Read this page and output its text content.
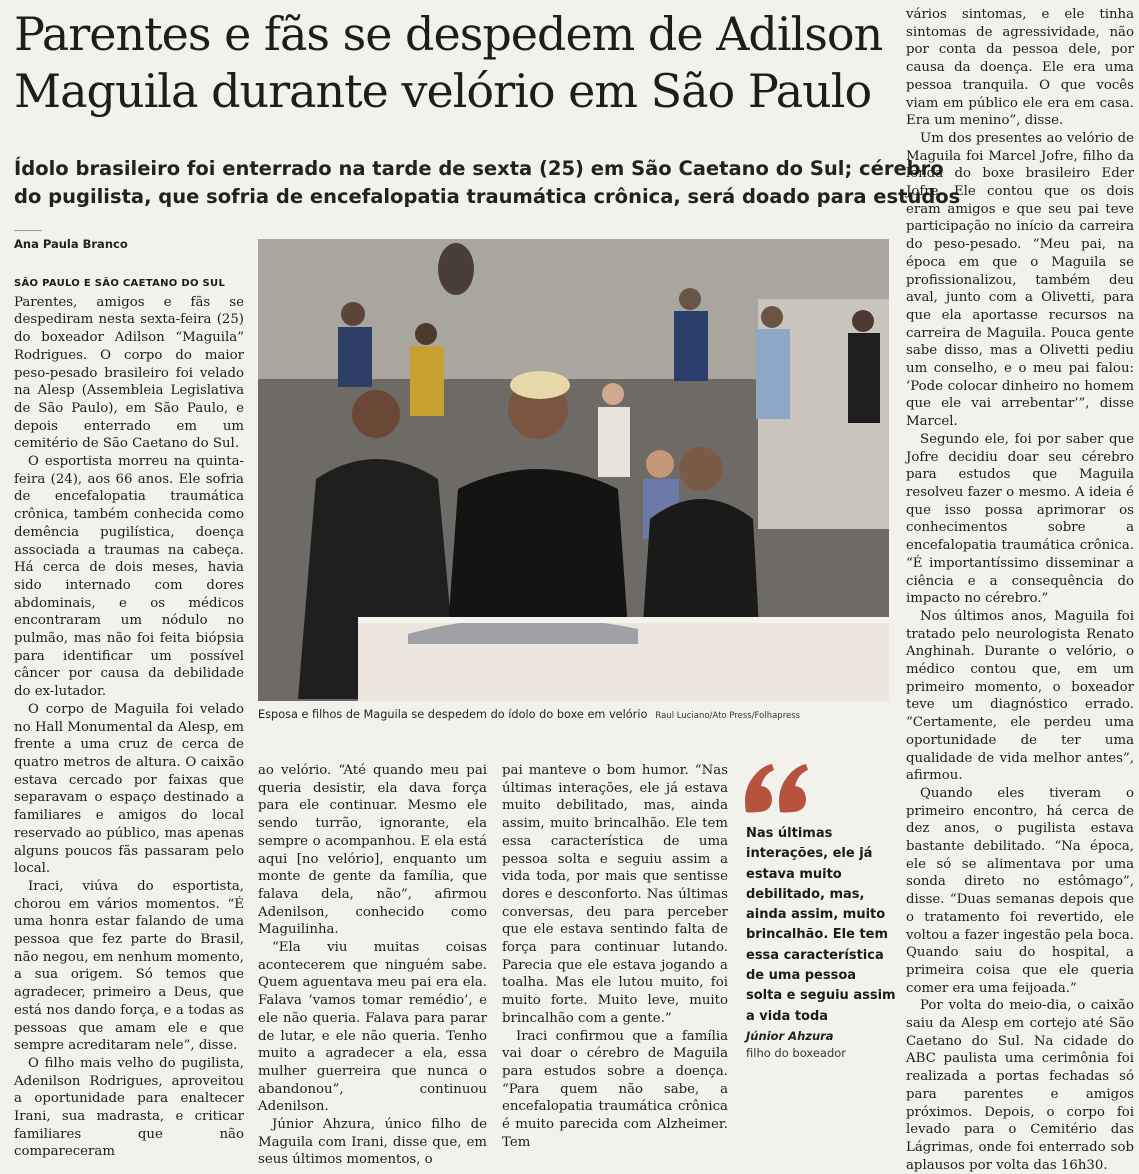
Parentes e fãs se despedem de Adilson
Maguila durante velório em São Paulo
Ídolo brasileiro foi enterrado na tarde de sexta (25) em São Caetano do Sul; cérebro
do pugilista, que sofria de encefalopatia traumática crônica, será doado para estudos
Ana Paula Branco
SÃO PAULO E SÃO CAETANO DO SUL

Parentes, amigos e fãs se despediram nesta sexta-feira (25) do boxeador Adilson “Maguila” Rodrigues. O corpo do maior peso-pesado brasileiro foi velado na Alesp (Assembleia Legislativa de São Paulo), em São Paulo, e depois enterrado em um cemitério de São Caetano do Sul.

O esportista morreu na quinta-feira (24), aos 66 anos. Ele sofria de encefalopatia traumática crônica, também conhecida como demência pugilística, doença associada a traumas na cabeça. Há cerca de dois meses, havia sido internado com dores abdominais, e os médicos encontraram um nódulo no pulmão, mas não foi feita biópsia para identificar um possível câncer por causa da debilidade do ex-lutador.

O corpo de Maguila foi velado no Hall Monumental da Alesp, em frente a uma cruz de cerca de quatro metros de altura. O caixão estava cercado por faixas que separavam o espaço destinado a familiares e amigos do local reservado ao público, mas apenas alguns poucos fãs passaram pelo local.

Iraci, viúva do esportista, chorou em vários momentos. “É uma honra estar falando de uma pessoa que fez parte do Brasil, não negou, em nenhum momento, a sua origem. Só temos que agradecer, primeiro a Deus, que está nos dando força, e a todas as pessoas que amam ele e que sempre acreditaram nele”, disse.

O filho mais velho do pugilista, Adenilson Rodrigues, aproveitou a oportunidade para enaltecer Irani, sua madrasta, e criticar familiares que não compareceram

Esposa e filhos de Maguila se despedem do ídolo do boxe em velório Raul Luciano/Ato Press/Folhapress

ao velório. “Até quando meu pai queria desistir, ela dava força para ele continuar. Mesmo ele sendo turrão, ignorante, ela sempre o acompanhou. E ela está aqui [no velório], enquanto um monte de gente da família, que falava dela, não”, afirmou Adenilson, conhecido como Maguilinha.

“Ela viu muitas coisas acontecerem que ninguém sabe. Quem aguentava meu pai era ela. Falava ‘vamos tomar remédio’, e ele não queria. Falava para parar de lutar, e ele não queria. Tenho muito a agradecer a ela, essa mulher guerreira que nunca o abandonou”, continuou Adenilson.

Júnior Ahzura, único filho de Maguila com Irani, disse que, em seus últimos momentos, o

pai manteve o bom humor. “Nas últimas interações, ele já estava muito debilitado, mas, ainda assim, muito brincalhão. Ele tem essa característica de uma pessoa solta e seguiu assim a vida toda, por mais que sentisse dores e desconforto. Nas últimas conversas, deu para perceber que ele estava sentindo falta de força para continuar lutando. Parecia que ele estava jogando a toalha. Mas ele lutou muito, foi muito forte. Muito leve, muito brincalhão com a gente.”

Iraci confirmou que a família vai doar o cérebro de Maguila para estudos sobre a doença. “Para quem não sabe, a encefalopatia traumática crônica é muito parecida com Alzheimer. Tem

Nas últimas interações, ele já estava muito debilitado, mas, ainda assim, muito brincalhão. Ele tem essa característica de uma pessoa solta e seguiu assim a vida toda
Júnior Ahzura
filho do boxeador

vários sintomas, e ele tinha sintomas de agressividade, não por conta da pessoa dele, por causa da doença. Ele era uma pessoa tranquila. O que vocês viam em público ele era em casa. Era um menino”, disse.

Um dos presentes ao velório de Maguila foi Marcel Jofre, filho da lenda do boxe brasileiro Eder Jofre. Ele contou que os dois eram amigos e que seu pai teve participação no início da carreira do peso-pesado. “Meu pai, na época em que o Maguila se profissionalizou, também deu aval, junto com a Olivetti, para que ela aportasse recursos na carreira de Maguila. Pouca gente sabe disso, mas a Olivetti pediu um conselho, e o meu pai falou: ‘Pode colocar dinheiro no homem que ele vai arrebentar’”, disse Marcel.

Segundo ele, foi por saber que Jofre decidiu doar seu cérebro para estudos que Maguila resolveu fazer o mesmo. A ideia é que isso possa aprimorar os conhecimentos sobre a encefalopatia traumática crônica. “É importantíssimo disseminar a ciência e a consequência do impacto no cérebro.”

Nos últimos anos, Maguila foi tratado pelo neurologista Renato Anghinah. Durante o velório, o médico contou que, em um primeiro momento, o boxeador teve um diagnóstico errado. “Certamente, ele perdeu uma oportunidade de ter uma qualidade de vida melhor antes”, afirmou.

Quando eles tiveram o primeiro encontro, há cerca de dez anos, o pugilista estava bastante debilitado. “Na época, ele só se alimentava por uma sonda direto no estômago”, disse. “Duas semanas depois que o tratamento foi revertido, ele voltou a fazer ingestão pela boca. Quando saiu do hospital, a primeira coisa que ele queria comer era uma feijoada.”

Por volta do meio-dia, o caixão saiu da Alesp em cortejo até São Caetano do Sul. Na cidade do ABC paulista uma cerimônia foi realizada a portas fechadas só para parentes e amigos próximos. Depois, o corpo foi levado para o Cemitério das Lágrimas, onde foi enterrado sob aplausos por volta das 16h30.
